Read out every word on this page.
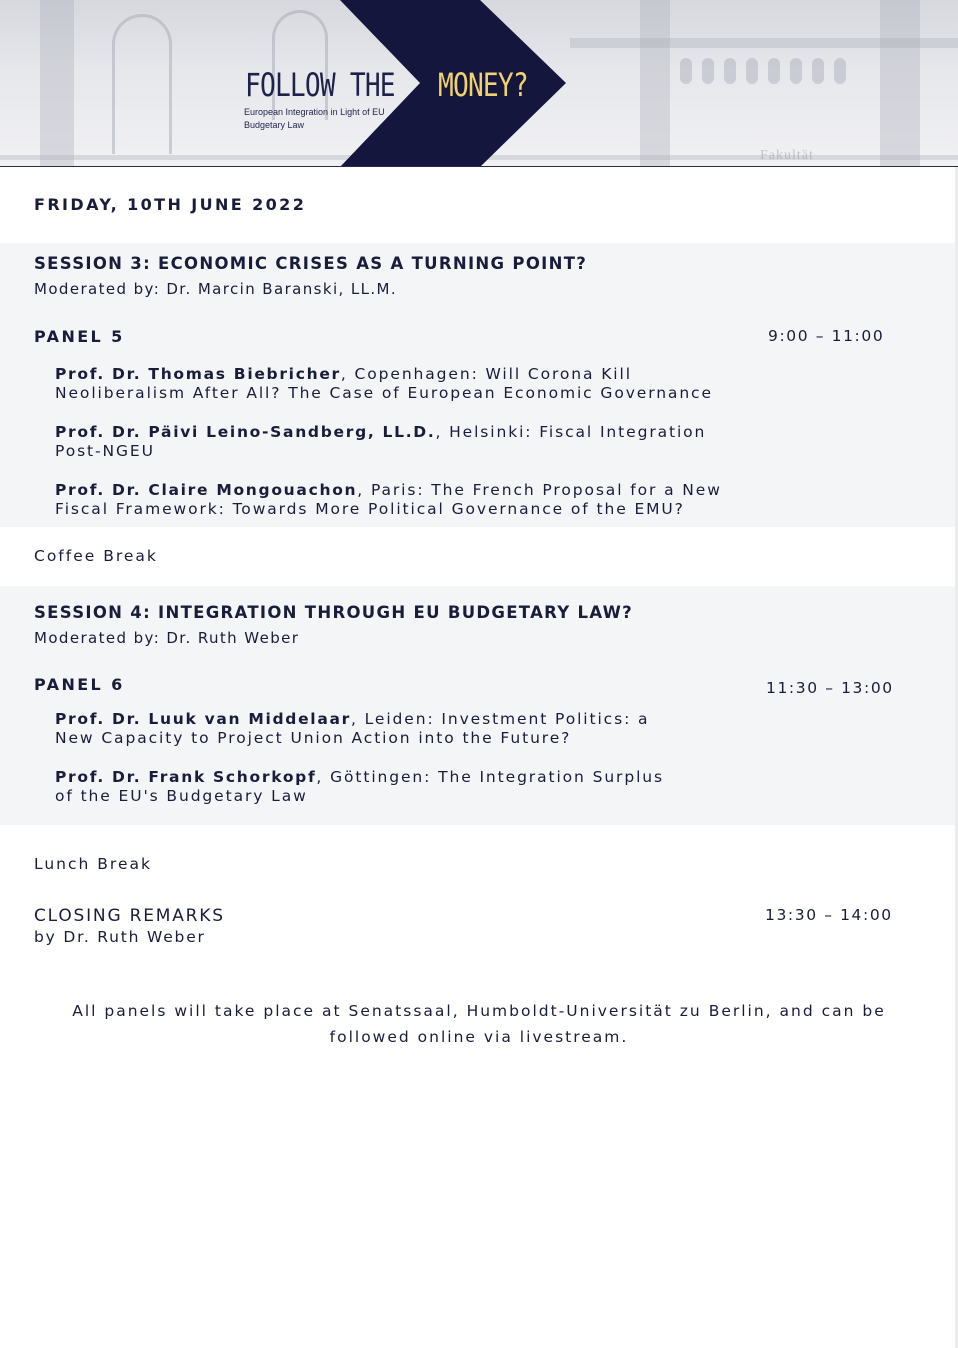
FOLLOW THE MONEY?
European Integration in Light of EU Budgetary Law
Fakultät
FRIDAY, 10TH JUNE 2022
SESSION 3: ECONOMIC CRISES AS A TURNING POINT?
Moderated by: Dr. Marcin Baranski, LL.M.
PANEL 5	9:00 – 11:00
Prof. Dr. Thomas Biebricher, Copenhagen: Will Corona Kill
Neoliberalism After All? The Case of European Economic Governance
Prof. Dr. Päivi Leino-Sandberg, LL.D., Helsinki: Fiscal Integration
Post-NGEU
Prof. Dr. Claire Mongouachon, Paris: The French Proposal for a New
Fiscal Framework: Towards More Political Governance of the EMU?
Coffee Break
SESSION 4: INTEGRATION THROUGH EU BUDGETARY LAW?
Moderated by: Dr. Ruth Weber
PANEL 6	11:30 – 13:00
Prof. Dr. Luuk van Middelaar, Leiden: Investment Politics: a
New Capacity to Project Union Action into the Future?
Prof. Dr. Frank Schorkopf, Göttingen: The Integration Surplus
of the EU's Budgetary Law
Lunch Break
CLOSING REMARKS
by Dr. Ruth Weber
13:30 – 14:00
All panels will take place at Senatssaal, Humboldt-Universität zu Berlin, and can be
followed online via livestream.
